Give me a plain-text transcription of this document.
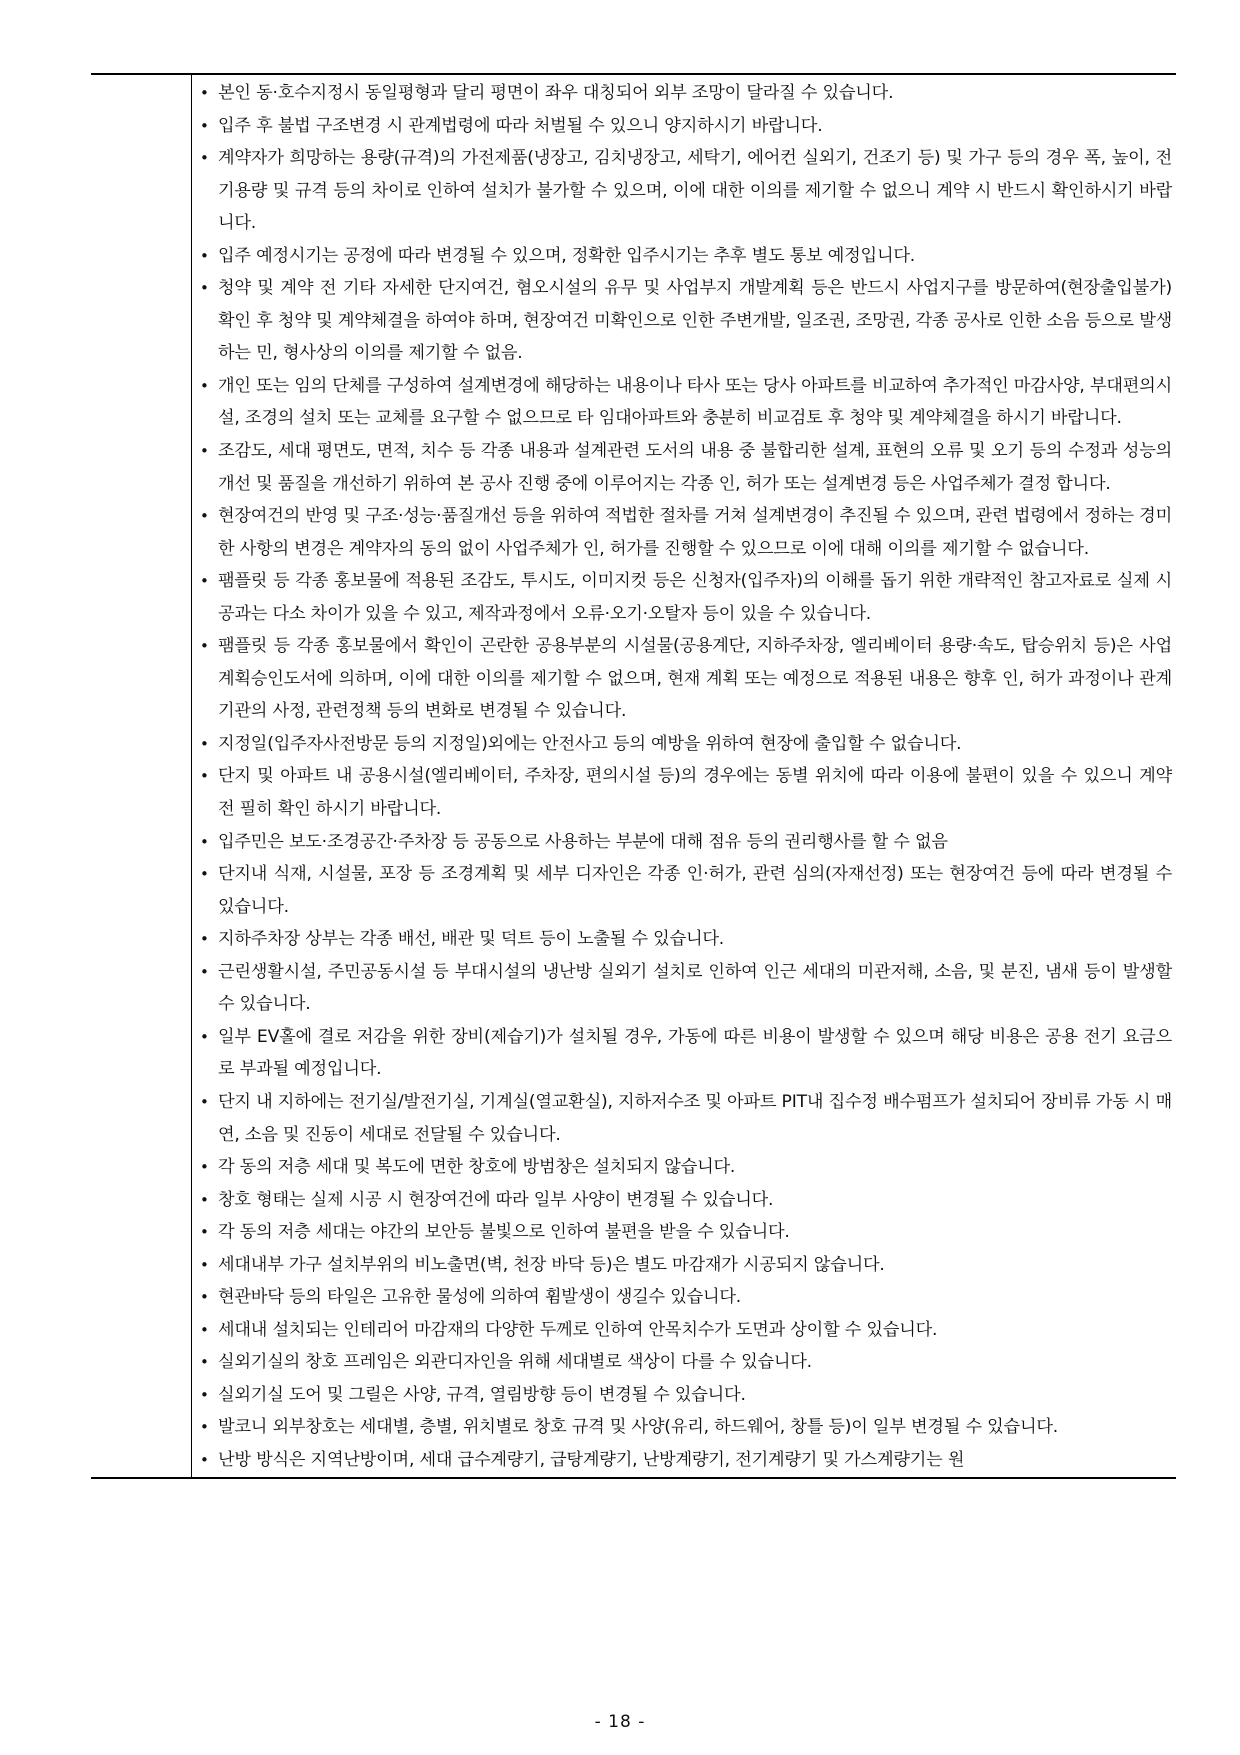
• 본인 동·호수지정시 동일평형과 달리 평면이 좌우 대칭되어 외부 조망이 달라질 수 있습니다.
• 입주 후 불법 구조변경 시 관계법령에 따라 처벌될 수 있으니 양지하시기 바랍니다.
• 계약자가 희망하는 용량(규격)의 가전제품(냉장고, 김치냉장고, 세탁기, 에어컨 실외기, 건조기 등) 및 가구 등의 경우 폭, 높이, 전기용량 및 규격 등의 차이로 인하여 설치가 불가할 수 있으며, 이에 대한 이의를 제기할 수 없으니 계약 시 반드시 확인하시기 바랍니다.
• 입주 예정시기는 공정에 따라 변경될 수 있으며, 정확한 입주시기는 추후 별도 통보 예정입니다.
• 청약 및 계약 전 기타 자세한 단지여건, 혐오시설의 유무 및 사업부지 개발계획 등은 반드시 사업지구를 방문하여(현장출입불가) 확인 후 청약 및 계약체결을 하여야 하며, 현장여건 미확인으로 인한 주변개발, 일조권, 조망권, 각종 공사로 인한 소음 등으로 발생하는 민, 형사상의 이의를 제기할 수 없음.
• 개인 또는 임의 단체를 구성하여 설계변경에 해당하는 내용이나 타사 또는 당사 아파트를 비교하여 추가적인 마감사양, 부대편의시설, 조경의 설치 또는 교체를 요구할 수 없으므로 타 임대아파트와 충분히 비교검토 후 청약 및 계약체결을 하시기 바랍니다.
• 조감도, 세대 평면도, 면적, 치수 등 각종 내용과 설계관련 도서의 내용 중 불합리한 설계, 표현의 오류 및 오기 등의 수정과 성능의 개선 및 품질을 개선하기 위하여 본 공사 진행 중에 이루어지는 각종 인, 허가 또는 설계변경 등은 사업주체가 결정 합니다.
• 현장여건의 반영 및 구조·성능·품질개선 등을 위하여 적법한 절차를 거쳐 설계변경이 추진될 수 있으며, 관련 법령에서 정하는 경미한 사항의 변경은 계약자의 동의 없이 사업주체가 인, 허가를 진행할 수 있으므로 이에 대해 이의를 제기할 수 없습니다.
• 팸플릿 등 각종 홍보물에 적용된 조감도, 투시도, 이미지컷 등은 신청자(입주자)의 이해를 돕기 위한 개략적인 참고자료로 실제 시공과는 다소 차이가 있을 수 있고, 제작과정에서 오류·오기·오탈자 등이 있을 수 있습니다.
• 팸플릿 등 각종 홍보물에서 확인이 곤란한 공용부분의 시설물(공용계단, 지하주차장, 엘리베이터 용량·속도, 탑승위치 등)은 사업계획승인도서에 의하며, 이에 대한 이의를 제기할 수 없으며, 현재 계획 또는 예정으로 적용된 내용은 향후 인, 허가 과정이나 관계기관의 사정, 관련정책 등의 변화로 변경될 수 있습니다.
• 지정일(입주자사전방문 등의 지정일)외에는 안전사고 등의 예방을 위하여 현장에 출입할 수 없습니다.
• 단지 및 아파트 내 공용시설(엘리베이터, 주차장, 편의시설 등)의 경우에는 동별 위치에 따라 이용에 불편이 있을 수 있으니 계약 전 필히 확인 하시기 바랍니다.
• 입주민은 보도·조경공간·주차장 등 공동으로 사용하는 부분에 대해 점유 등의 권리행사를 할 수 없음
• 단지내 식재, 시설물, 포장 등 조경계획 및 세부 디자인은 각종 인·허가, 관련 심의(자재선정) 또는 현장여건 등에 따라 변경될 수 있습니다.
• 지하주차장 상부는 각종 배선, 배관 및 덕트 등이 노출될 수 있습니다.
• 근린생활시설, 주민공동시설 등 부대시설의 냉난방 실외기 설치로 인하여 인근 세대의 미관저해, 소음, 및 분진, 냄새 등이 발생할 수 있습니다.
• 일부 EV홀에 결로 저감을 위한 장비(제습기)가 설치될 경우, 가동에 따른 비용이 발생할 수 있으며 해당 비용은 공용 전기 요금으로 부과될 예정입니다.
• 단지 내 지하에는 전기실/발전기실, 기계실(열교환실), 지하저수조 및 아파트 PIT내 집수정 배수펌프가 설치되어 장비류 가동 시 매연, 소음 및 진동이 세대로 전달될 수 있습니다.
• 각 동의 저층 세대 및 복도에 면한 창호에 방범창은 설치되지 않습니다.
• 창호 형태는 실제 시공 시 현장여건에 따라 일부 사양이 변경될 수 있습니다.
• 각 동의 저층 세대는 야간의 보안등 불빛으로 인하여 불편을 받을 수 있습니다.
• 세대내부 가구 설치부위의 비노출면(벽, 천장 바닥 등)은 별도 마감재가 시공되지 않습니다.
• 현관바닥 등의 타일은 고유한 물성에 의하여 휨발생이 생길수 있습니다.
• 세대내 설치되는 인테리어 마감재의 다양한 두께로 인하여 안목치수가 도면과 상이할 수 있습니다.
• 실외기실의 창호 프레임은 외관디자인을 위해 세대별로 색상이 다를 수 있습니다.
• 실외기실 도어 및 그릴은 사양, 규격, 열림방향 등이 변경될 수 있습니다.
• 발코니 외부창호는 세대별, 층별, 위치별로 창호 규격 및 사양(유리, 하드웨어, 창틀 등)이 일부 변경될 수 있습니다.
• 난방 방식은 지역난방이며, 세대 급수계량기, 급탕계량기, 난방계량기, 전기계량기 및 가스계량기는 원
- 18 -
